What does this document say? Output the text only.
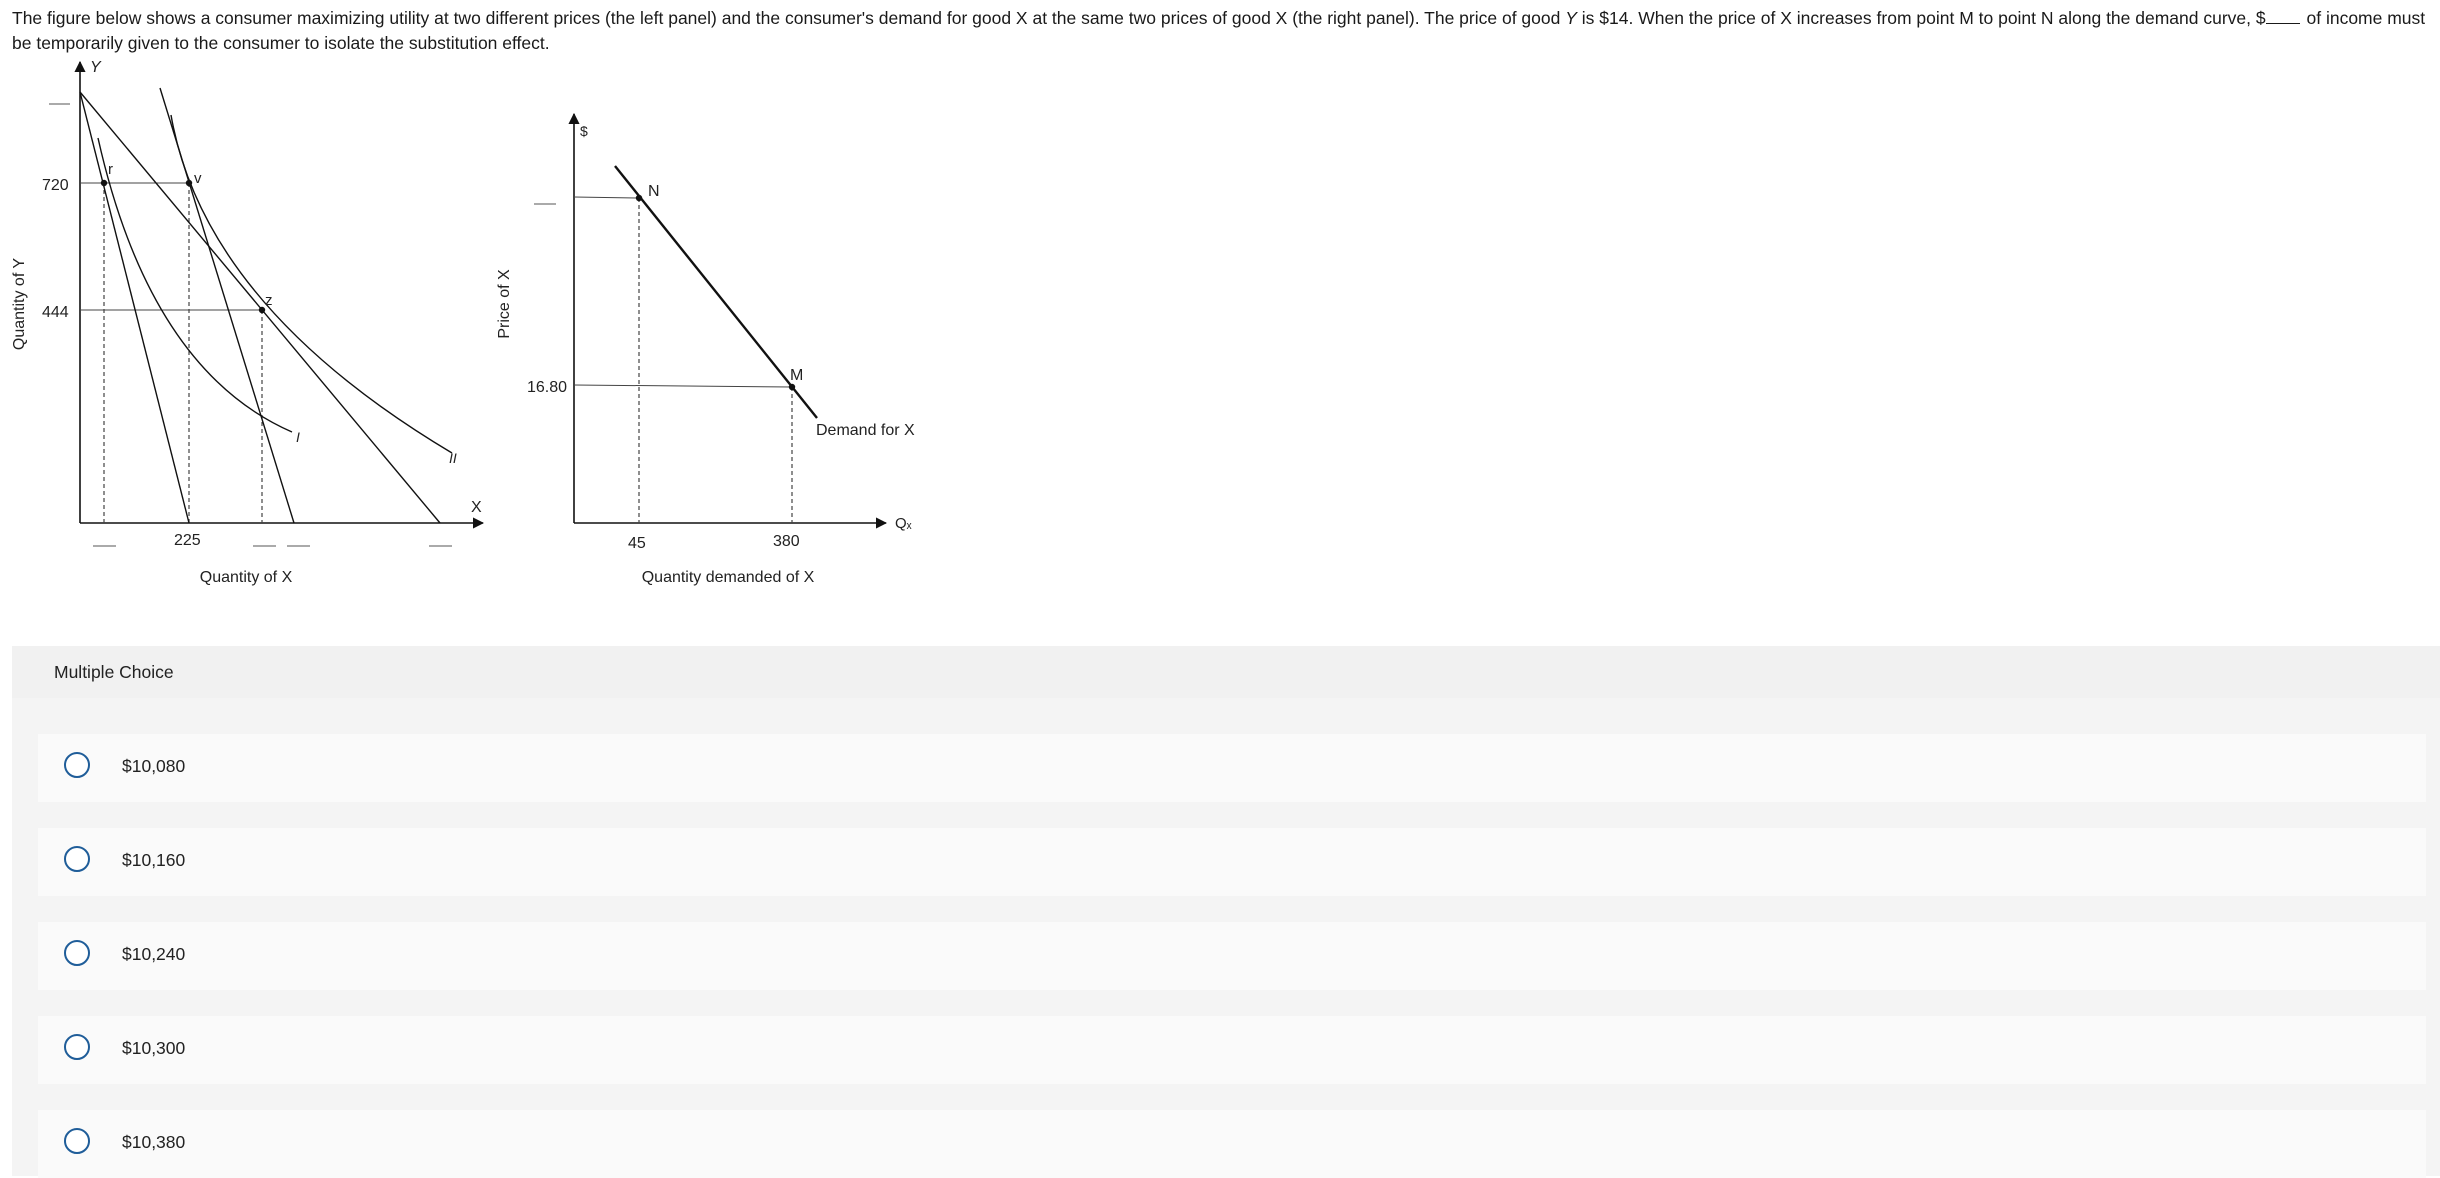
The figure below shows a consumer maximizing utility at two different prices (the left panel) and the consumer's demand for good X at the same two prices of good X (the right panel). The price of good Y is $14. When the price of X increases from point M to point N along the demand curve, $ of income must be temporarily given to the consumer to isolate the substitution effect.
Y
X
720
444
225
Quantity of Y
Quantity of X
r
v
z
I
II
$
Qₓ
16.80
45	380
Price of X
Quantity demanded of X
N
M
Demand for X
Multiple Choice
$10,080
$10,160
$10,240
$10,300
$10,380
